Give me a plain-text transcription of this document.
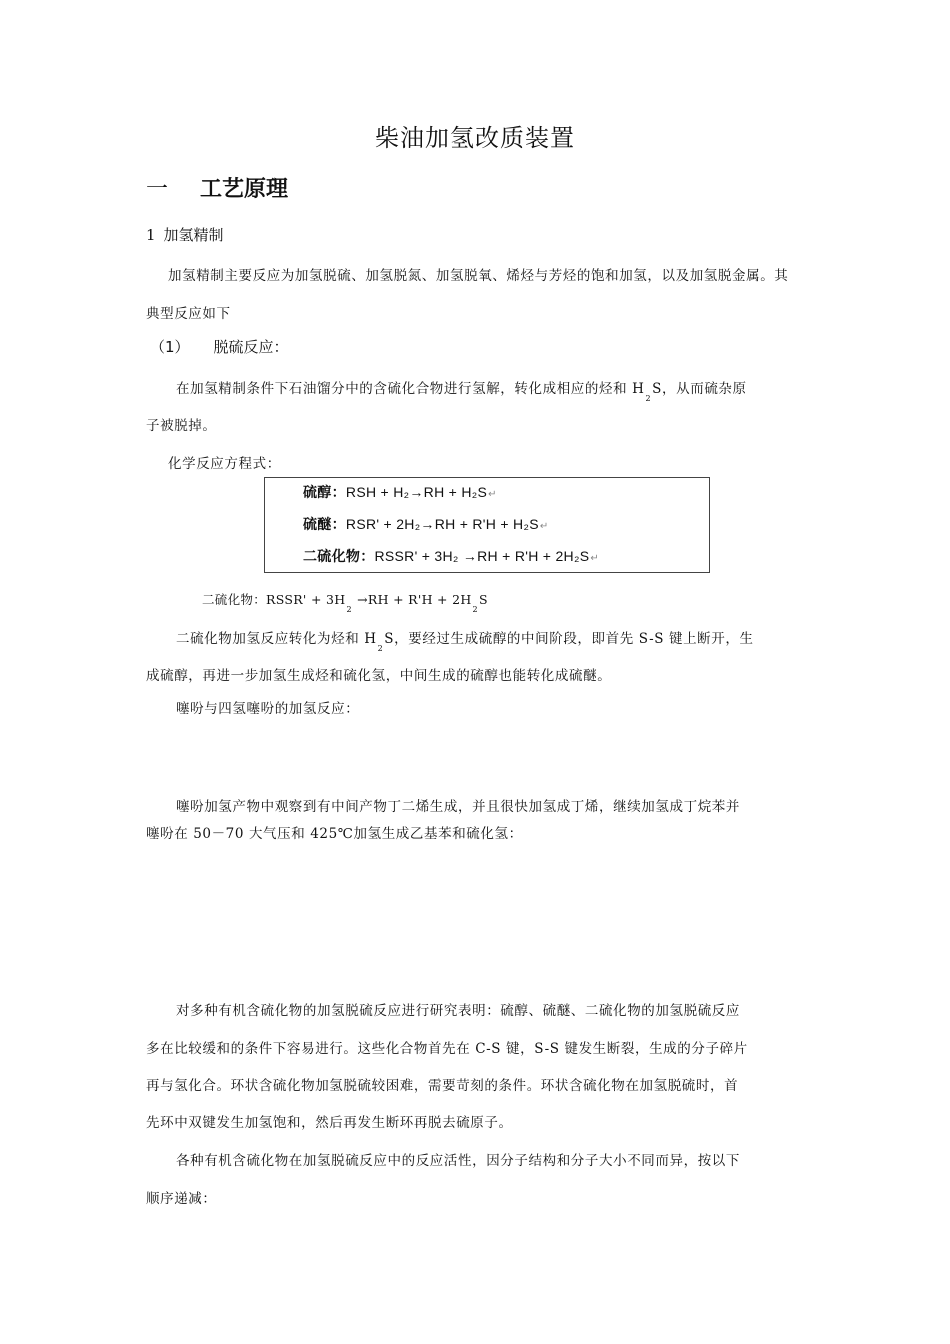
柴油加氢改质装置
一 工艺原理
1 加氢精制
加氢精制主要反应为加氢脱硫、加氢脱氮、加氢脱氧、烯烃与芳烃的饱和加氢，以及加氢脱金属。其
典型反应如下
（1） 脱硫反应：
在加氢精制条件下石油馏分中的含硫化合物进行氢解，转化成相应的烃和 $H_2S$，从而硫杂原
子被脱掉。
化学反应方程式：
硫醇：RSH + H₂→RH + H₂S↵
硫醚：RSR' + 2H₂→RH + R'H + H₂S↵
二硫化物：RSSR' + 3H₂ →RH + R'H + 2H₂S↵
二硫化物：RSSR' + $3H_2 \to RH + R'H + 2H_2S$
二硫化物加氢反应转化为烃和 $H_2S$，要经过生成硫醇的中间阶段，即首先 S-S 键上断开，生
成硫醇，再进一步加氢生成烃和硫化氢，中间生成的硫醇也能转化成硫醚。
噻吩与四氢噻吩的加氢反应：
噻吩加氢产物中观察到有中间产物丁二烯生成，并且很快加氢成丁烯，继续加氢成丁烷苯并
噻吩在 50－70 大气压和 425℃加氢生成乙基苯和硫化氢：
对多种有机含硫化物的加氢脱硫反应进行研究表明：硫醇、硫醚、二硫化物的加氢脱硫反应
多在比较缓和的条件下容易进行。这些化合物首先在 C-S 键，S-S 键发生断裂，生成的分子碎片
再与氢化合。环状含硫化物加氢脱硫较困难，需要苛刻的条件。环状含硫化物在加氢脱硫时，首
先环中双键发生加氢饱和，然后再发生断环再脱去硫原子。
各种有机含硫化物在加氢脱硫反应中的反应活性，因分子结构和分子大小不同而异，按以下
顺序递减：
